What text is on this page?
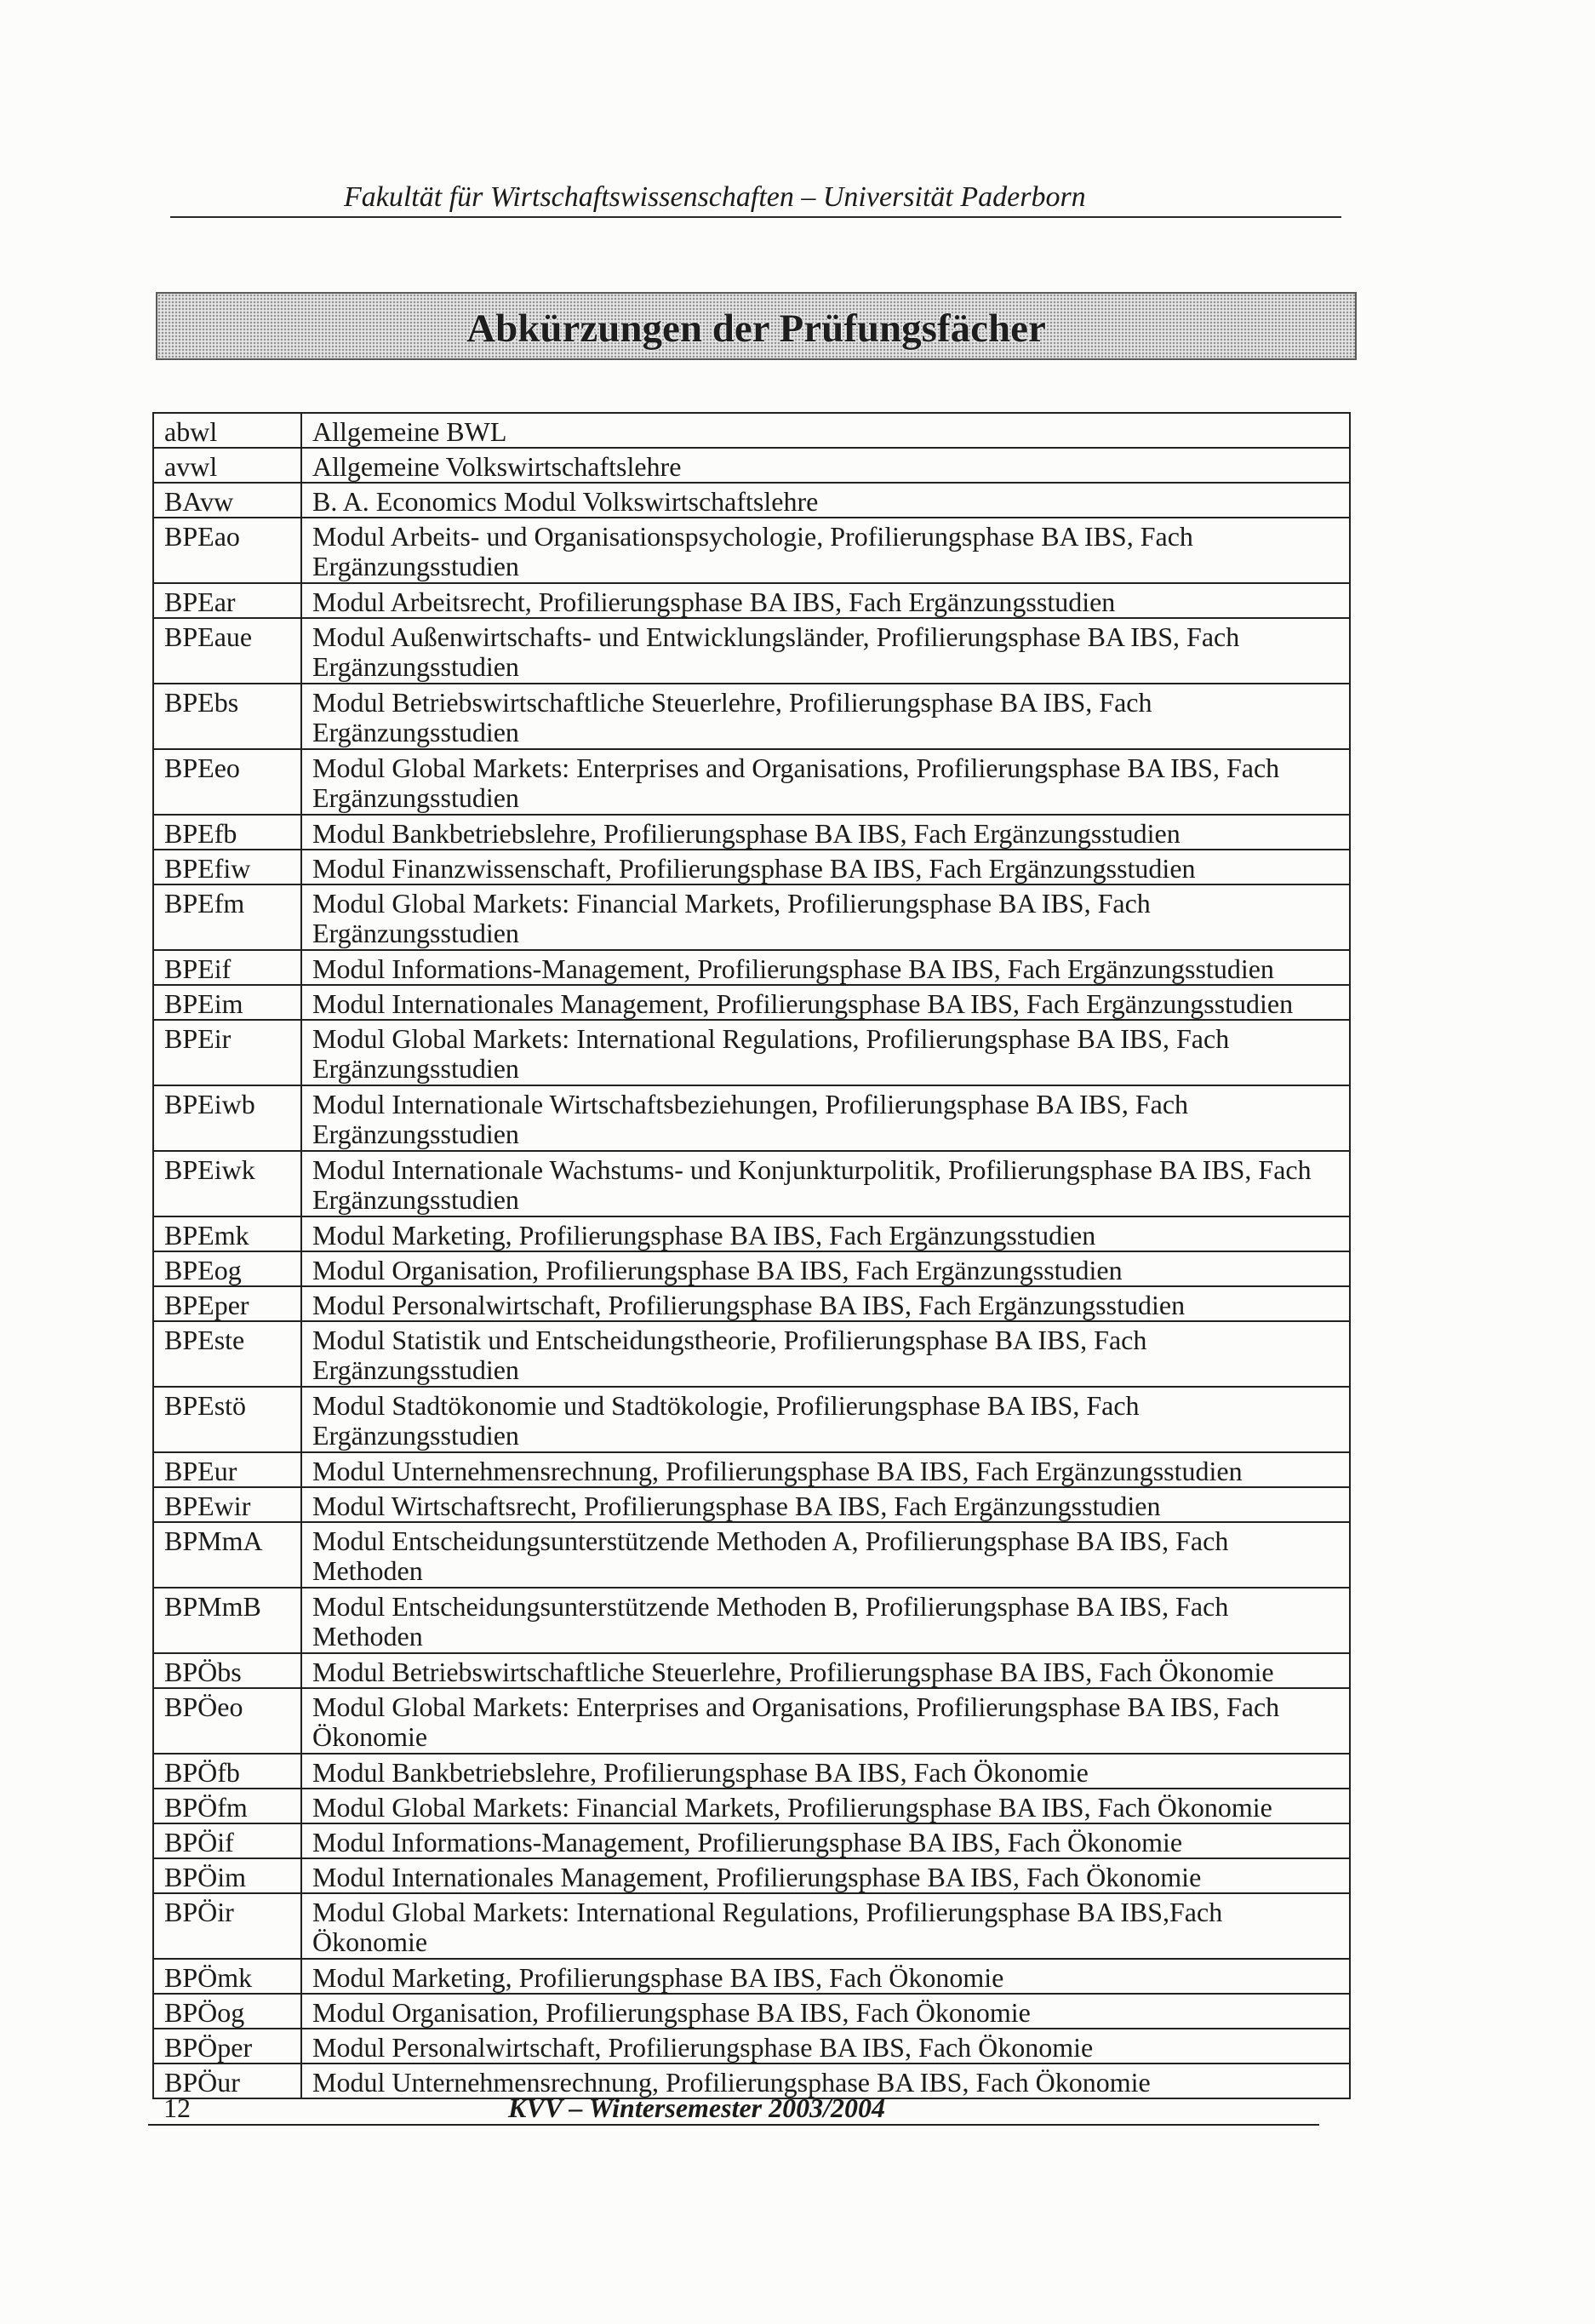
Fakultät für Wirtschaftswissenschaften – Universität Paderborn
Abkürzungen der Prüfungsfächer
abwl	Allgemeine BWL

avwl	Allgemeine Volkswirtschaftslehre

BAvw	B. A. Economics Modul Volkswirtschaftslehre

BPEao	Modul Arbeits- und Organisationspsychologie, Profilierungsphase BA IBS, Fach
Ergänzungsstudien

BPEar	Modul Arbeitsrecht, Profilierungsphase BA IBS, Fach Ergänzungsstudien

BPEaue	Modul Außenwirtschafts- und Entwicklungsländer, Profilierungsphase BA IBS, Fach
Ergänzungsstudien

BPEbs	Modul Betriebswirtschaftliche Steuerlehre, Profilierungsphase BA IBS, Fach
Ergänzungsstudien

BPEeo	Modul Global Markets: Enterprises and Organisations, Profilierungsphase BA IBS, Fach
Ergänzungsstudien

BPEfb	Modul Bankbetriebslehre, Profilierungsphase BA IBS, Fach Ergänzungsstudien

BPEfiw	Modul Finanzwissenschaft, Profilierungsphase BA IBS, Fach Ergänzungsstudien

BPEfm	Modul Global Markets: Financial Markets, Profilierungsphase BA IBS, Fach
Ergänzungsstudien

BPEif	Modul Informations-Management, Profilierungsphase BA IBS, Fach Ergänzungsstudien

BPEim	Modul Internationales Management, Profilierungsphase BA IBS, Fach Ergänzungsstudien

BPEir	Modul Global Markets: International Regulations, Profilierungsphase BA IBS, Fach
Ergänzungsstudien

BPEiwb	Modul Internationale Wirtschaftsbeziehungen, Profilierungsphase BA IBS, Fach
Ergänzungsstudien

BPEiwk	Modul Internationale Wachstums- und Konjunkturpolitik, Profilierungsphase BA IBS, Fach
Ergänzungsstudien

BPEmk	Modul Marketing, Profilierungsphase BA IBS, Fach Ergänzungsstudien

BPEog	Modul Organisation, Profilierungsphase BA IBS, Fach Ergänzungsstudien

BPEper	Modul Personalwirtschaft, Profilierungsphase BA IBS, Fach Ergänzungsstudien

BPEste	Modul Statistik und Entscheidungstheorie, Profilierungsphase BA IBS, Fach
Ergänzungsstudien

BPEstö	Modul Stadtökonomie und Stadtökologie, Profilierungsphase BA IBS, Fach
Ergänzungsstudien

BPEur	Modul Unternehmensrechnung, Profilierungsphase BA IBS, Fach Ergänzungsstudien

BPEwir	Modul Wirtschaftsrecht, Profilierungsphase BA IBS, Fach Ergänzungsstudien

BPMmA	Modul Entscheidungsunterstützende Methoden A, Profilierungsphase BA IBS, Fach
Methoden

BPMmB	Modul Entscheidungsunterstützende Methoden B, Profilierungsphase BA IBS, Fach
Methoden

BPÖbs	Modul Betriebswirtschaftliche Steuerlehre, Profilierungsphase BA IBS, Fach Ökonomie

BPÖeo	Modul Global Markets: Enterprises and Organisations, Profilierungsphase BA IBS, Fach
Ökonomie

BPÖfb	Modul Bankbetriebslehre, Profilierungsphase BA IBS, Fach Ökonomie

BPÖfm	Modul Global Markets: Financial Markets, Profilierungsphase BA IBS, Fach Ökonomie

BPÖif	Modul Informations-Management, Profilierungsphase BA IBS, Fach Ökonomie

BPÖim	Modul Internationales Management, Profilierungsphase BA IBS, Fach Ökonomie

BPÖir	Modul Global Markets: International Regulations, Profilierungsphase BA IBS,Fach
Ökonomie

BPÖmk	Modul Marketing, Profilierungsphase BA IBS, Fach Ökonomie

BPÖog	Modul Organisation, Profilierungsphase BA IBS, Fach Ökonomie

BPÖper	Modul Personalwirtschaft, Profilierungsphase BA IBS, Fach Ökonomie

BPÖur	Modul Unternehmensrechnung, Profilierungsphase BA IBS, Fach Ökonomie
12	KVV – Wintersemester 2003/2004
